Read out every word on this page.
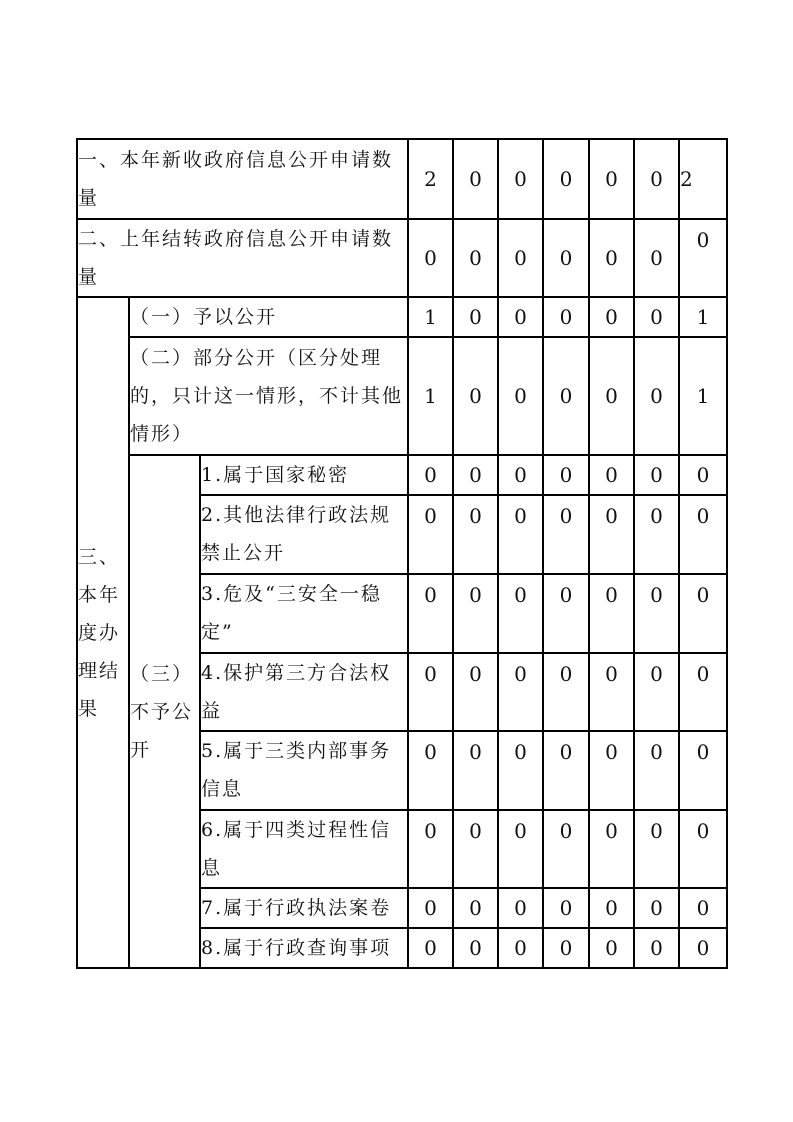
一、本年新收政府信息公开申请数量			2	0	0	0	0	0	2
二、上年结转政府信息公开申请数量			0	0	0	0	0	0	0
三、本年度办理结果	（一）予以公开		1	0	0	0	0	0	1
	（二）部分公开（区分处理的，只计这一情形，不计其他情形）		1	0	0	0	0	0	1
	（三）不予公开	1.属于国家秘密	0	0	0	0	0	0	0
		2.其他法律行政法规禁止公开	0	0	0	0	0	0	0
		3.危及“三安全一稳定”	0	0	0	0	0	0	0
		4.保护第三方合法权益	0	0	0	0	0	0	0
		5.属于三类内部事务信息	0	0	0	0	0	0	0
		6.属于四类过程性信息	0	0	0	0	0	0	0
		7.属于行政执法案卷	0	0	0	0	0	0	0
		8.属于行政查询事项	0	0	0	0	0	0	0
